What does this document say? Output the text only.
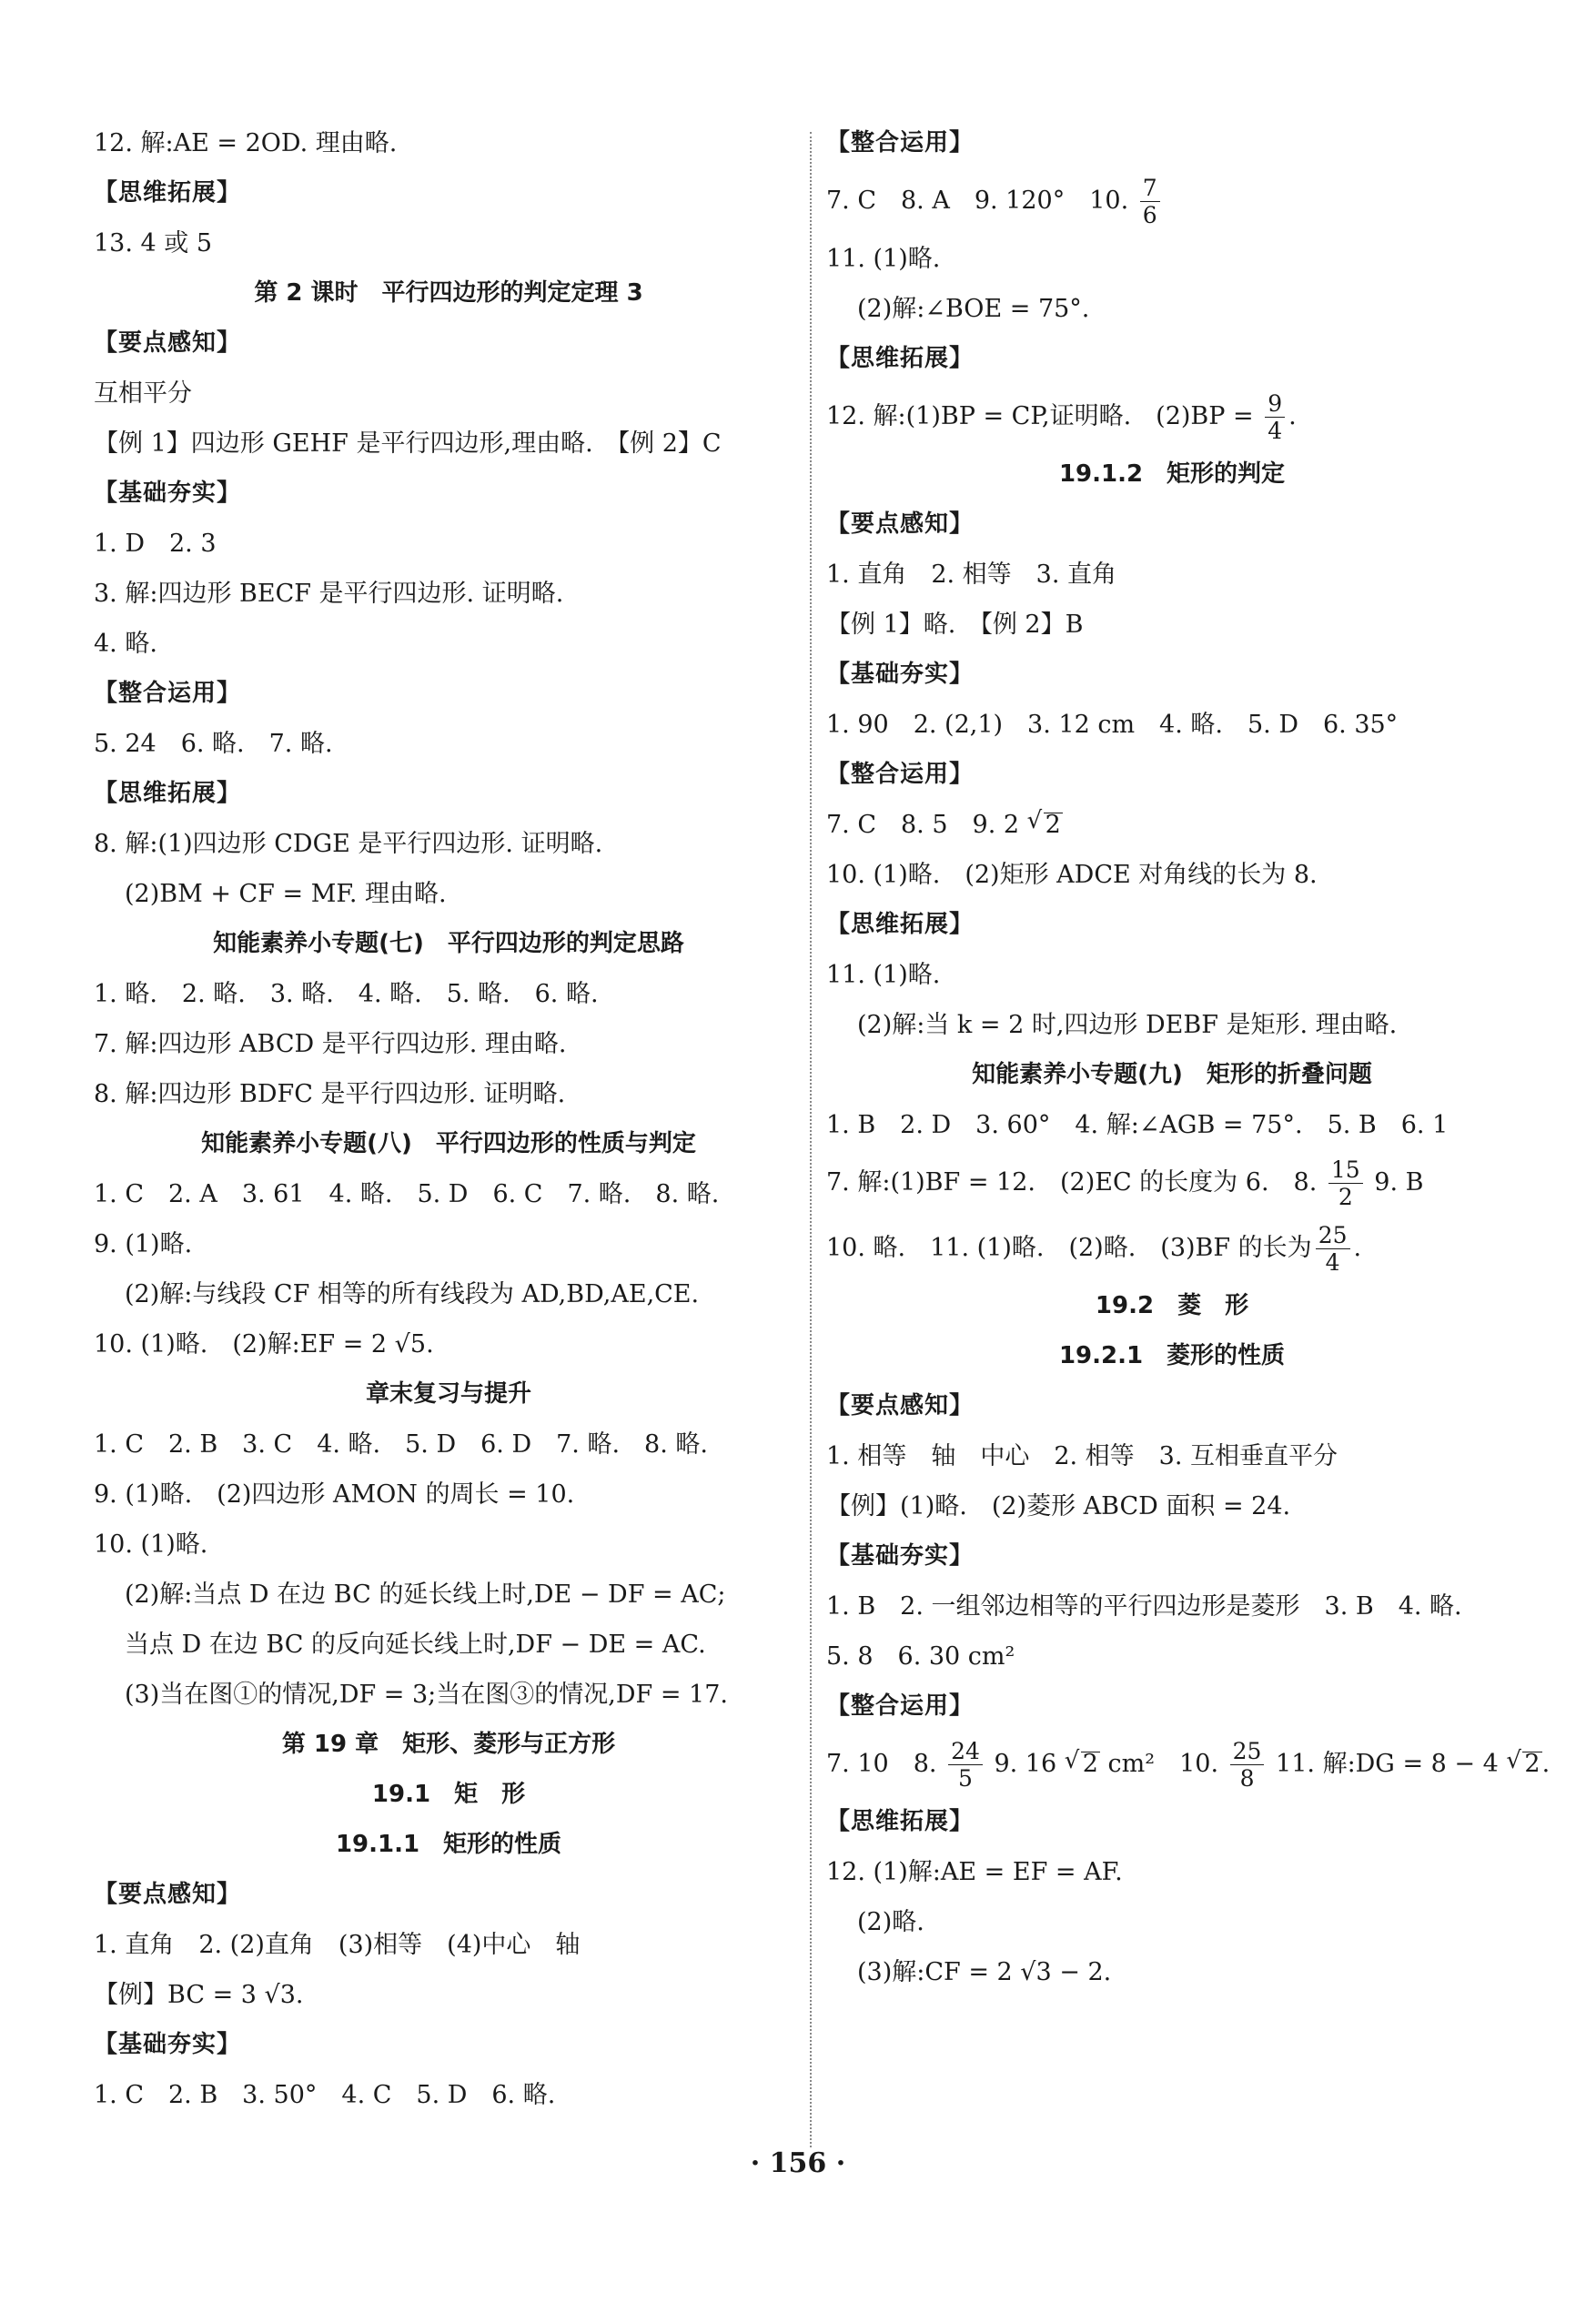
12. 解:AE = 2OD. 理由略.
【思维拓展】
13. 4 或 5
第 2 课时　平行四边形的判定定理 3
【要点感知】
互相平分
【例 1】四边形 GEHF 是平行四边形,理由略.　【例 2】C
【基础夯实】
1. D　2. 3
3. 解:四边形 BECF 是平行四边形. 证明略.
4. 略.
【整合运用】
5. 24　6. 略.　7. 略.
【思维拓展】
8. 解:(1)四边形 CDGE 是平行四边形. 证明略.
(2)BM + CF = MF. 理由略.
知能素养小专题(七)　平行四边形的判定思路
1. 略.　2. 略.　3. 略.　4. 略.　5. 略.　6. 略.
7. 解:四边形 ABCD 是平行四边形. 理由略.
8. 解:四边形 BDFC 是平行四边形. 证明略.
知能素养小专题(八)　平行四边形的性质与判定
1. C　2. A　3. 61　4. 略.　5. D　6. C　7. 略.　8. 略.
9. (1)略.
(2)解:与线段 CF 相等的所有线段为 AD,BD,AE,CE.
10. (1)略.　(2)解:EF = 2 √5.
章末复习与提升
1. C　2. B　3. C　4. 略.　5. D　6. D　7. 略.　8. 略.
9. (1)略.　(2)四边形 AMON 的周长 = 10.
10. (1)略.
(2)解:当点 D 在边 BC 的延长线上时,DE − DF = AC;
当点 D 在边 BC 的反向延长线上时,DF − DE = AC.
(3)当在图①的情况,DF = 3;当在图③的情况,DF = 17.
第 19 章　矩形、菱形与正方形
19.1　矩　形
19.1.1　矩形的性质
【要点感知】
1. 直角　2. (2)直角　(3)相等　(4)中心　轴
【例】BC = 3 √3.
【基础夯实】
1. C　2. B　3. 50°　4. C　5. D　6. 略.
【整合运用】
7. C　8. A　9. 120°　10. $\frac{7}{6}$
11. (1)略.
(2)解:∠BOE = 75°.
【思维拓展】
12. 解:(1)BP = CP,证明略.　$(2)BP = \frac{9}{4}$ .
19.1.2　矩形的判定
【要点感知】
1. 直角　2. 相等　3. 直角
【例 1】略.　【例 2】B
【基础夯实】
1. 90　2. (2,1)　3. 12 cm　4. 略.　5. D　6. 35°
【整合运用】
7. C　8. 5　9. 2 √ 2
10. (1)略.　(2)矩形 ADCE 对角线的长为 8.
【思维拓展】
11. (1)略.
(2)解:当 k = 2 时,四边形 DEBF 是矩形. 理由略.
知能素养小专题(九)　矩形的折叠问题
1. B　2. D　3. 60°　4. 解:∠AGB = 75°.　5. B　6. 1
7. 解:(1)BF = 12.　(2)EC 的长度为 6.　8. $\frac{15}{2} 9$. B
10. 略.　11. (1)略.　(2)略.　(3)BF 的长为 $\frac{25}{4}$ .
19.2　菱　形
19.2.1　菱形的性质
【要点感知】
1. 相等　轴　中心　2. 相等　3. 互相垂直平分
【例】(1)略.　(2)菱形 ABCD 面积 = 24.
【基础夯实】
1. B　2. 一组邻边相等的平行四边形是菱形　3. B　4. 略.
5. 8　6. 30 cm²
【整合运用】
7. 10　8. $\frac{24}{5} 9$. 16 √ 2 cm²　10. $\frac{25}{8} 11$. 解:DG = 8 − 4 √ 2.
【思维拓展】
12. (1)解:AE = EF = AF.
(2)略.
(3)解:CF = 2 √3 − 2.
· 156 ·
